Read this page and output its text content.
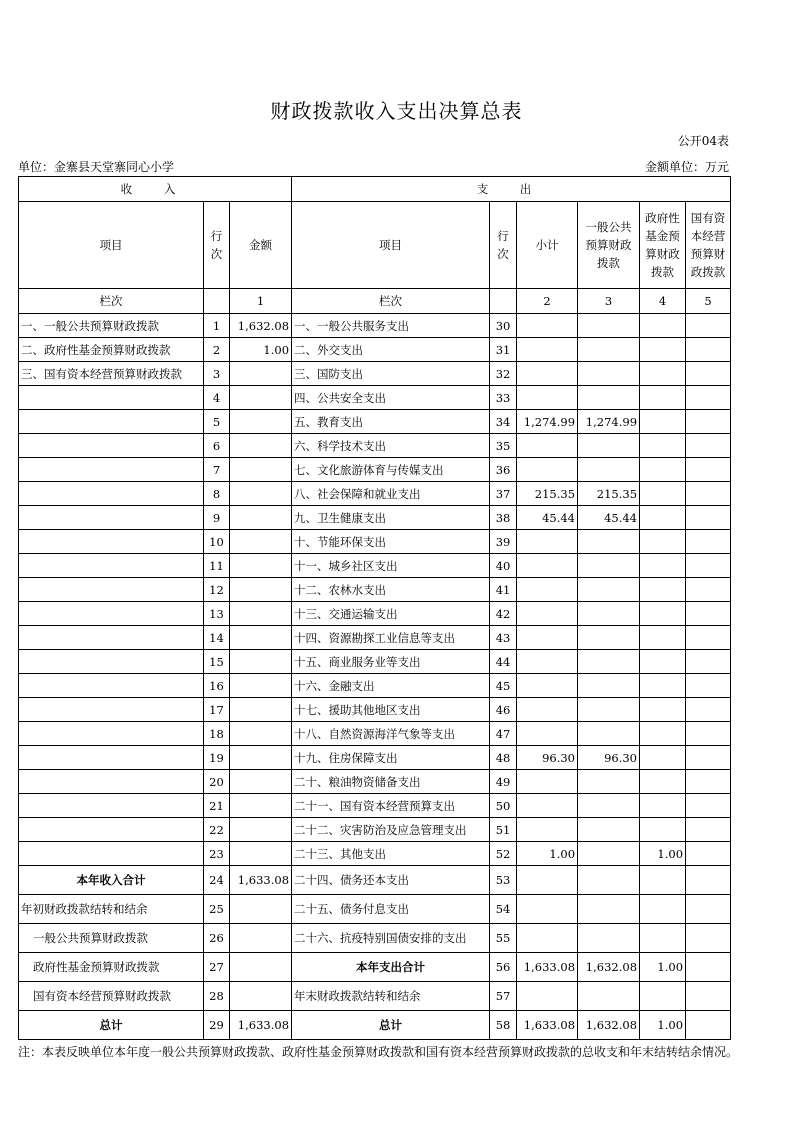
财政拨款收入支出决算总表
公开04表
单位：金寨县天堂寨同心小学	金额单位：万元
收 入			支 出					
项目	行次	金额	项目	行次	小计	一般公共预算财政拨款	政府性基金预算财政拨款	国有资本经营预算财政拨款
栏次		1	栏次		2	3	4	5
一、一般公共预算财政拨款	1	1,632.08	一、一般公共服务支出	30				
二、政府性基金预算财政拨款	2	1.00	二、外交支出	31				
三、国有资本经营预算财政拨款	3		三、国防支出	32				
	4		四、公共安全支出	33				
	5		五、教育支出	34	1,274.99	1,274.99		
	6		六、科学技术支出	35				
	7		七、文化旅游体育与传媒支出	36				
	8		八、社会保障和就业支出	37	215.35	215.35		
	9		九、卫生健康支出	38	45.44	45.44		
	10		十、节能环保支出	39				
	11		十一、城乡社区支出	40				
	12		十二、农林水支出	41				
	13		十三、交通运输支出	42				
	14		十四、资源勘探工业信息等支出	43				
	15		十五、商业服务业等支出	44				
	16		十六、金融支出	45				
	17		十七、援助其他地区支出	46				
	18		十八、自然资源海洋气象等支出	47				
	19		十九、住房保障支出	48	96.30	96.30		
	20		二十、粮油物资储备支出	49				
	21		二十一、国有资本经营预算支出	50				
	22		二十二、灾害防治及应急管理支出	51				
	23		二十三、其他支出	52	1.00		1.00	
本年收入合计	24	1,633.08	二十四、债务还本支出	53				
年初财政拨款结转和结余	25		二十五、债务付息支出	54				
一般公共预算财政拨款	26		二十六、抗疫特别国债安排的支出	55				
政府性基金预算财政拨款	27		本年支出合计	56	1,633.08	1,632.08	1.00	
国有资本经营预算财政拨款	28		年末财政拨款结转和结余	57				
总计	29	1,633.08	总计	58	1,633.08	1,632.08	1.00	
注：本表反映单位本年度一般公共预算财政拨款、政府性基金预算财政拨款和国有资本经营预算财政拨款的总收支和年末结转结余情况。
